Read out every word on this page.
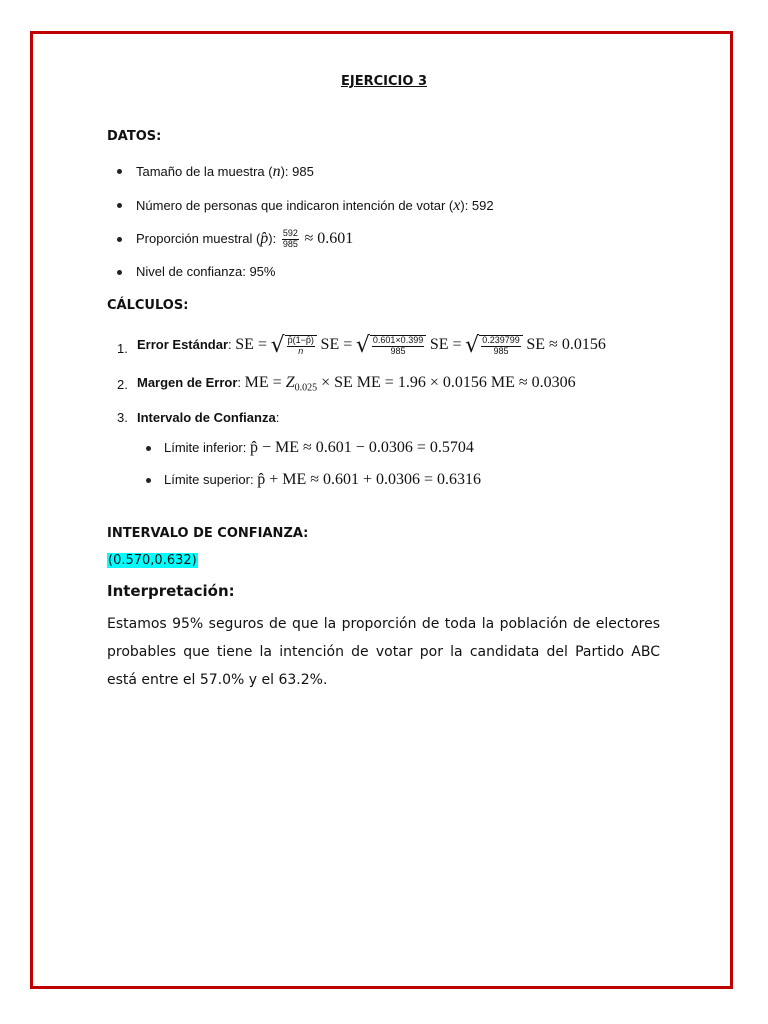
EJERCICIO 3
DATOS:
Tamaño de la muestra (n): 985
Número de personas que indicaron intención de votar (x): 592
Proporción muestral (p̂): $\frac{592}{985} \approx 0.601$
Nivel de confianza: 95%
CÁLCULOS:
1. Error Estándar: SE = √ $\frac{p̂(1-p̂)}{n}$ SE = √ $\frac{0.601\times 0.399}{985}$ SE = √ $\frac{0.239799}{985}$ SE ≈ 0.0156
2. Margen de Error: ME = $Z_{0.025}$ × SE ME = 1.96 × 0.0156 ME ≈ 0.0306
3. Intervalo de Confianza:
Límite inferior: p̂ − ME ≈ 0.601 − 0.0306 = 0.5704
Límite superior: p̂ + ME ≈ 0.601 + 0.0306 = 0.6316
INTERVALO DE CONFIANZA:
(0.570,0.632)
Interpretación:
Estamos 95% seguros de que la proporción de toda la población de electores probables que tiene la intención de votar por la candidata del Partido ABC está entre el 57.0% y el 63.2%.
